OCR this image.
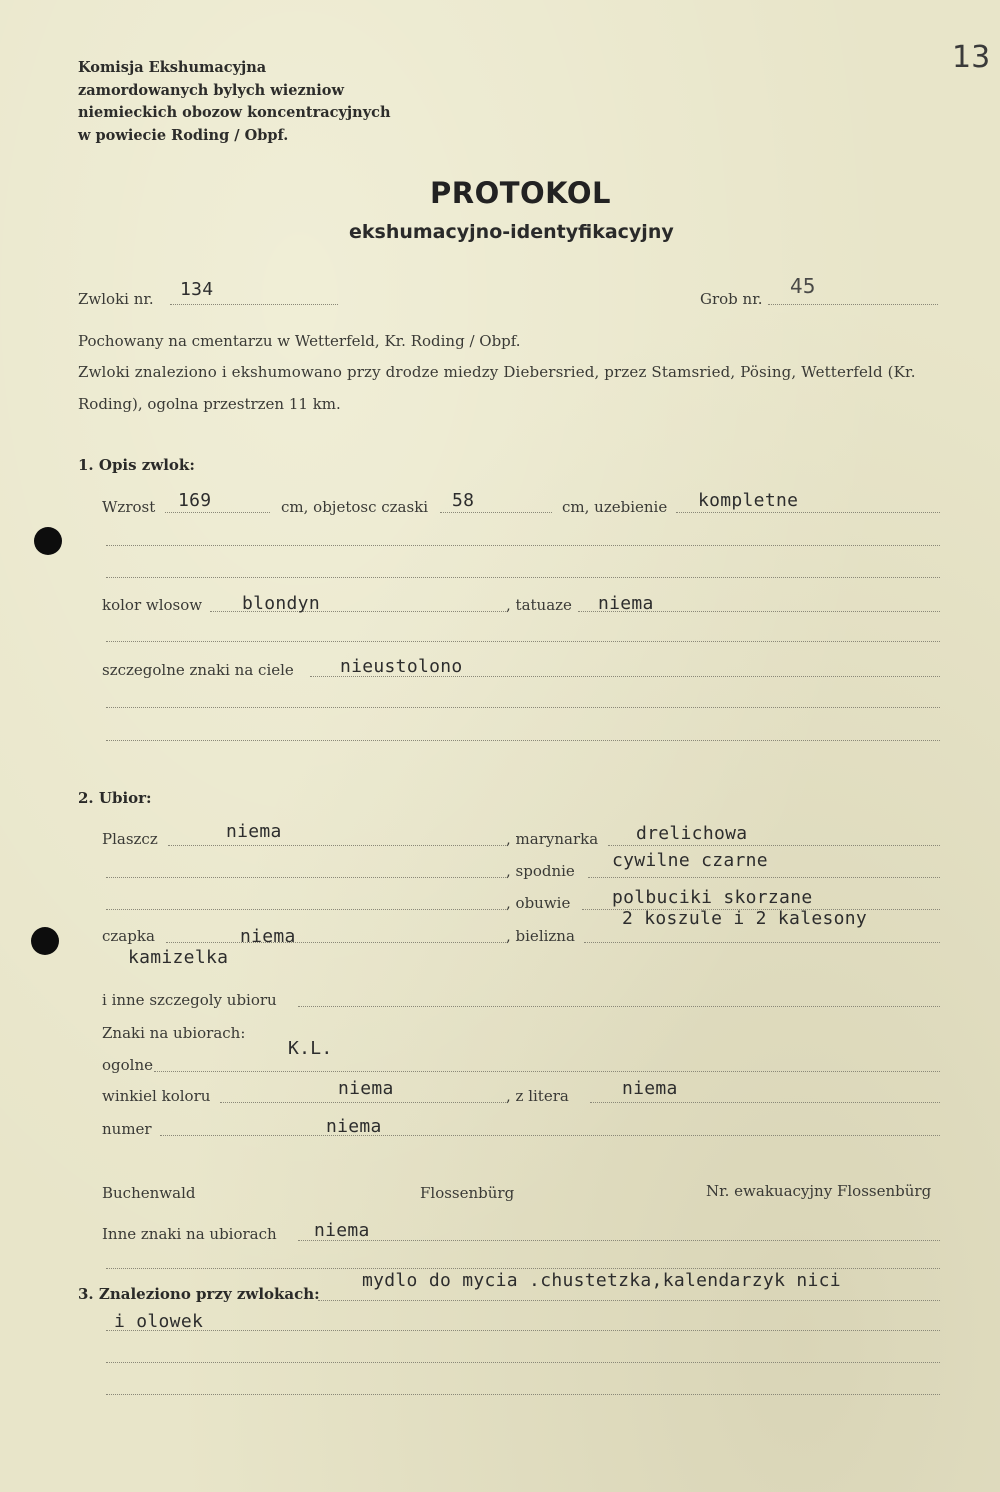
13
Komisja Ekshumacyjna
zamordowanych bylych wiezniow
niemieckich obozow koncentracyjnych
w powiecie Roding / Obpf.
PROTOKOL
ekshumacyjno-identyfikacyjny
Zwloki nr. 134	Grob nr.
45
Pochowany na cmentarzu w Wetterfeld, Kr. Roding / Obpf.
Zwloki znaleziono i ekshumowano przy drodze miedzy Diebersried, przez Stamsried, Pösing, Wetterfeld (Kr.
Roding), ogolna przestrzen 11 km.
1. Opis zwlok:
Wzrost 169	cm, objetosc czaski 58	cm, uzebienie kompletne
kolor wlosow blondyn	, tatuaze niema
szczegolne znaki na ciele	nieustolono
2. Ubior:
Plaszcz	niema	, marynarka drelichowa
, spodnie cywilne czarne
, obuwie polbuciki skorzane
czapka	niema	, bielizna
2 koszule i 2 kalesony
kamizelka
i inne szczegoly ubioru
Znaki na ubiorach:
ogolne
K.L.
winkiel koloru	niema	, z litera	niema
numer	niema
Buchenwald	Flossenbürg	Nr. ewakuacyjny Flossenbürg
Inne znaki na ubiorach niema
3. Znaleziono przy zwlokach:
mydlo do mycia .chustetzka,kalendarzyk nici
i olowek
